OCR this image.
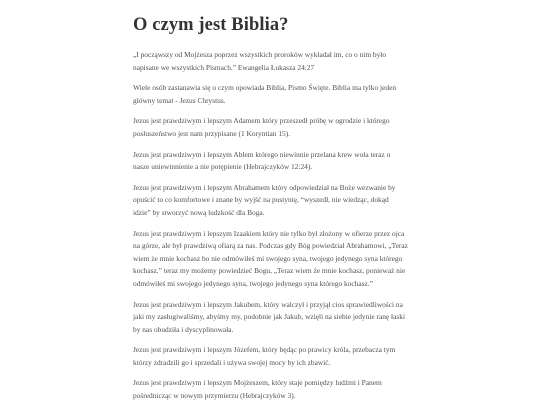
O czym jest Biblia?

„I począwszy od Mojżesza poprzez wszystkich proroków wykładał im, co o nim było napisane we wszystkich Pismach.” Ewangelia Łukasza 24:27

Wiele osób zastanawia się o czym opowiada Biblia, Pismo Święte. Biblia ma tylko jeden główny temat - Jezus Chrystus.

Jezus jest prawdziwym i lepszym Adamem który przeszedł próbę w ogrodzie i którego posłuszeństwo jest nam przypisane (1 Koryntian 15).

Jezus jest prawdziwym i lepszym Ablem którego niewinnie przelana krew woła teraz o nasze uniewinnienie a nie potępienie (Hebrajczyków 12:24).

Jezus jest prawdziwym i lepszym Abrahamem który odpowiedział na Boże wezwanie by opuścić to co komfortowe i znane by wyjść na pustynię, “wyszedł, nie wiedząc, dokąd idzie” by stworzyć nową ludzkość dla Boga.

Jezus jest prawdziwym i lepszym Izaakiem który nie tylko był złożony w ofierze przez ojca na górze, ale był prawdziwą ofiarą za nas. Podczas gdy Bóg powiedział Abrahamowi, „Teraz wiem że mnie kochasz bo nie odmówiłeś mi swojego syna, twojego jedynego syna którego kochasz.” teraz my możemy powiedzieć Bogu, „Teraz wiem że mnie kochasz, ponieważ nie odmówiłeś mi swojego jedynego syna, twojego jedynego syna którego kochasz.”

Jezus jest prawdziwym i lepszym Jakubem, który walczył i przyjął cios sprawiedliwości na jaki my zasługiwaliśmy, abyśmy my, podobnie jak Jakub, wzięli na siebie jedynie ranę łaski by nas obudziła i dyscyplinowała.

Jezus jest prawdziwym i lepszym Józefem, który będąc po prawicy króla, przebacza tym którzy zdradzili go i sprzedali i używa swojej mocy by ich zbawić.

Jezus jest prawdziwym i lepszym Mojżeszem, który staje pomiędzy ludźmi i Panem pośrednicząc w nowym przymierzu (Hebrajczyków 3).
